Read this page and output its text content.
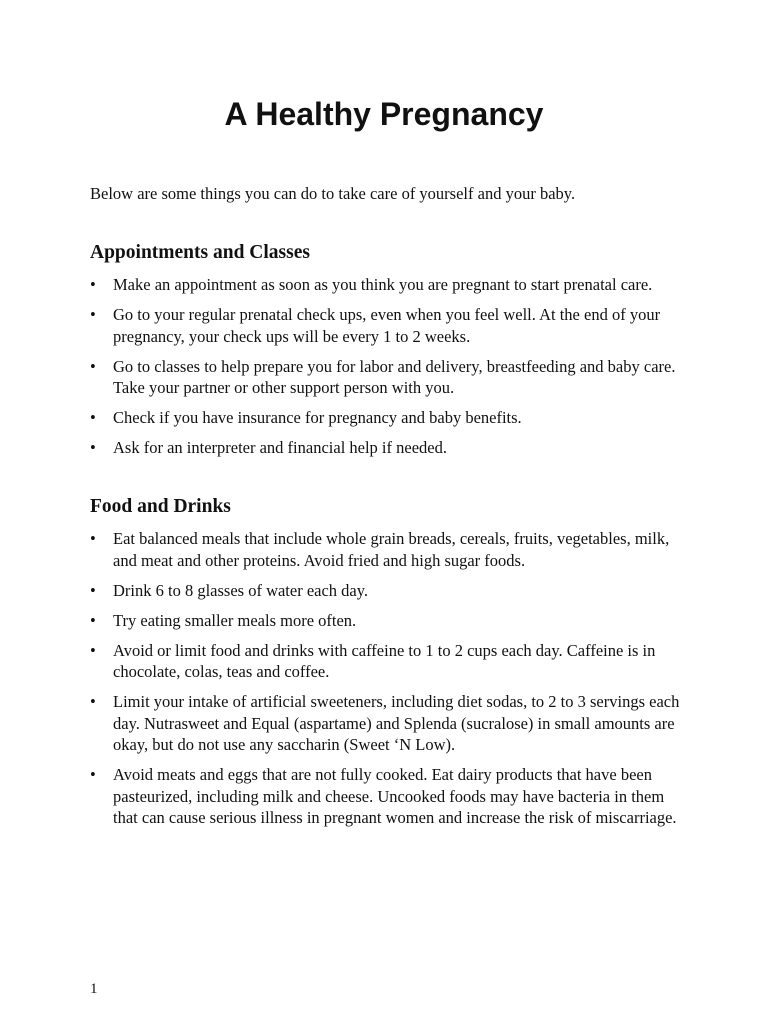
A Healthy Pregnancy

Below are some things you can do to take care of yourself and your baby.

Appointments and Classes
•	Make an appointment as soon as you think you are pregnant to start prenatal care.
•	Go to your regular prenatal check ups, even when you feel well. At the end of your pregnancy, your check ups will be every 1 to 2 weeks.
•	Go to classes to help prepare you for labor and delivery, breastfeeding and baby care. Take your partner or other support person with you.
•	Check if you have insurance for pregnancy and baby benefits.
•	Ask for an interpreter and financial help if needed.
Food and Drinks
•	Eat balanced meals that include whole grain breads, cereals, fruits, vegetables, milk, and meat and other proteins. Avoid fried and high sugar foods.
•	Drink 6 to 8 glasses of water each day.
•	Try eating smaller meals more often.
•	Avoid or limit food and drinks with caffeine to 1 to 2 cups each day. Caffeine is in chocolate, colas, teas and coffee.
•	Limit your intake of artificial sweeteners, including diet sodas, to 2 to 3 servings each day. Nutrasweet and Equal (aspartame) and Splenda (sucralose) in small amounts are okay, but do not use any saccharin (Sweet ‘N Low).
•	Avoid meats and eggs that are not fully cooked. Eat dairy products that have been pasteurized, including milk and cheese. Uncooked foods may have bacteria in them that can cause serious illness in pregnant women and increase the risk of miscarriage.

1
